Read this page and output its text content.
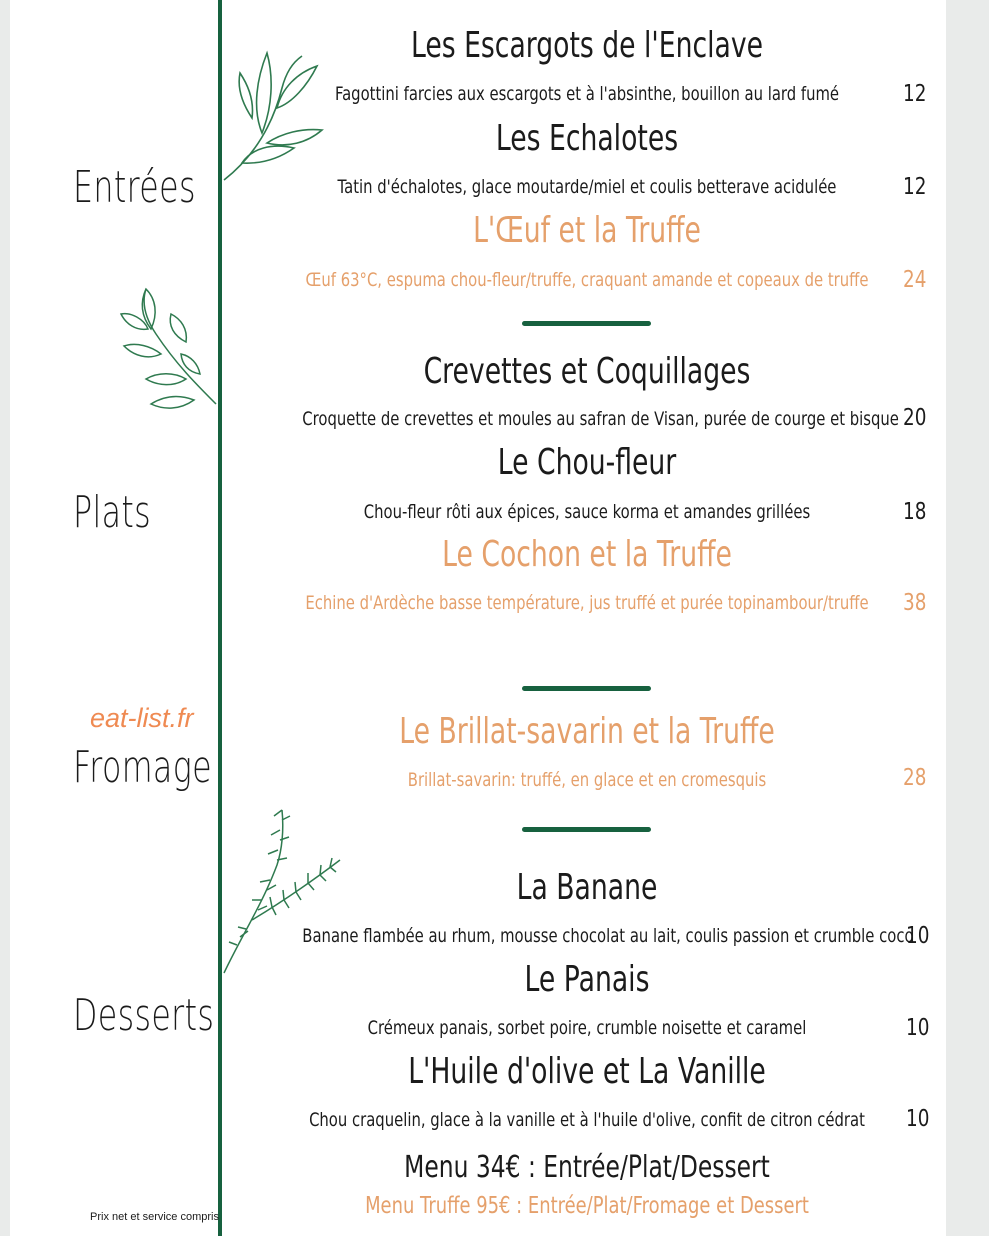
Entrées
Plats
Fromage
Desserts
eat-list.fr
Les Escargots de l'Enclave
Fagottini farcies aux escargots et à l'absinthe, bouillon au lard fumé	12
Les Echalotes
Tatin d'échalotes, glace moutarde/miel et coulis betterave acidulée	12
L'Œuf et la Truffe
Œuf 63°C, espuma chou-fleur/truffe, craquant amande et copeaux de truffe 24
Crevettes et Coquillages
Croquette de crevettes et moules au safran de Visan, purée de courge et bisque 20
Le Chou-fleur
Chou-fleur rôti aux épices, sauce korma et amandes grillées	18
Le Cochon et la Truffe
Echine d'Ardèche basse température, jus truffé et purée topinambour/truffe 38
Le Brillat-savarin et la Truffe
Brillat-savarin: truffé, en glace et en cromesquis	28
La Banane
Banane flambée au rhum, mousse chocolat au lait, coulis passion et crumble coco
10
Le Panais
Crémeux panais, sorbet poire, crumble noisette et caramel	10
L'Huile d'olive et La Vanille
Chou craquelin, glace à la vanille et à l'huile d'olive, confit de citron cédrat 10
Menu 34€ : Entrée/Plat/Dessert
Menu Truffe 95€ : Entrée/Plat/Fromage et Dessert
Prix net et service compris
